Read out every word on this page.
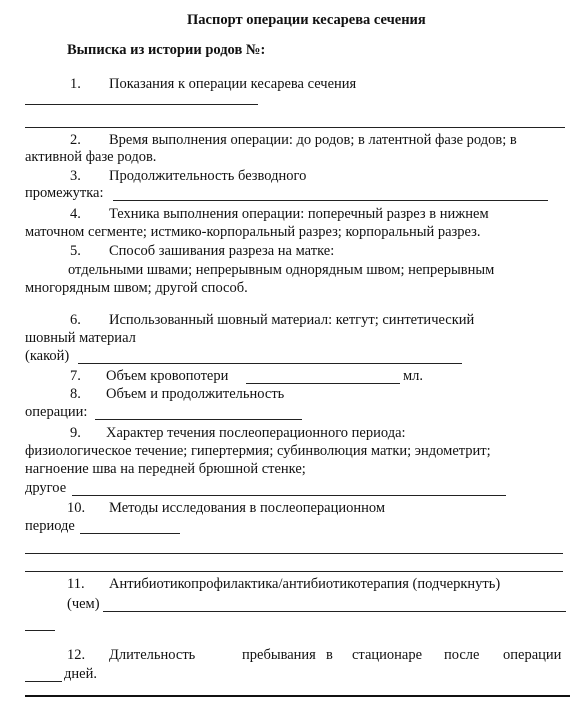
Паспорт операции кесарева сечения
Выписка из истории родов №:
1. Показания к операции кесарева сечения
2. Время выполнения операции: до родов; в латентной фазе родов; в
активной фазе родов.
3. Продолжительность безводного
промежутка:
4. Техника выполнения операции: поперечный разрез в нижнем
маточном сегменте; истмико-корпоральный разрез; корпоральный разрез.
5. Способ зашивания разреза на матке:
отдельными швами; непрерывным однорядным швом; непрерывным
многорядным швом; другой способ.
6. Использованный шовный материал: кетгут; синтетический
шовный материал
(какой)
7. Объем кровопотери	мл.
8. Объем и продолжительность
операции:
9. Характер течения послеоперационного периода:
физиологическое течение; гипертермия; субинволюция матки; эндометрит;
нагноение шва на передней брюшной стенке;
другое
10. Методы исследования в послеоперационном
периоде
11. Антибиотикопрофилактика/антибиотикотерапия (подчеркнуть)
(чем)
12. Длительность	пребывания в стационаре после операции
дней.
